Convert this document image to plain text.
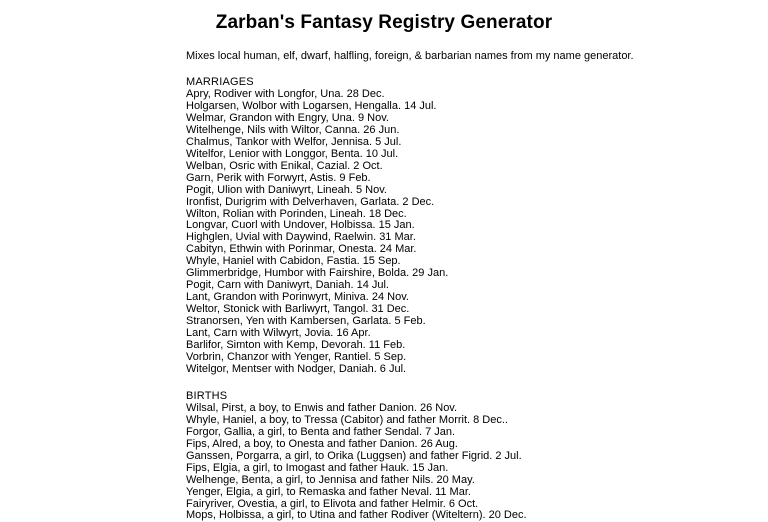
Zarban's Fantasy Registry Generator

Mixes local human, elf, dwarf, halfling, foreign, & barbarian names from my name generator.

MARRIAGES

Apry, Rodiver with Longfor, Una. 28 Dec.

Holgarsen, Wolbor with Logarsen, Hengalla. 14 Jul.

Welmar, Grandon with Engry, Una. 9 Nov.

Witelhenge, Nils with Wiltor, Canna. 26 Jun.

Chalmus, Tankor with Welfor, Jennisa. 5 Jul.

Witelfor, Lenior with Longgor, Benta. 10 Jul.

Welban, Osric with Enikal, Cazial. 2 Oct.

Garn, Perik with Forwyrt, Astis. 9 Feb.

Pogit, Ulion with Daniwyrt, Lineah. 5 Nov.

Ironfist, Durigrim with Delverhaven, Garlata. 2 Dec.

Wilton, Rolian with Porinden, Lineah. 18 Dec.

Longvar, Cuorl with Undover, Holbissa. 15 Jan.

Highglen, Uvial with Daywind, Raelwin. 31 Mar.

Cabityn, Ethwin with Porinmar, Onesta. 24 Mar.

Whyle, Haniel with Cabidon, Fastia. 15 Sep.

Glimmerbridge, Humbor with Fairshire, Bolda. 29 Jan.

Pogit, Carn with Daniwyrt, Daniah. 14 Jul.

Lant, Grandon with Porinwyrt, Miniva. 24 Nov.

Weltor, Stonick with Barliwyrt, Tangol. 31 Dec.

Stranorsen, Yen with Kambersen, Garlata. 5 Feb.

Lant, Carn with Wilwyrt, Jovia. 16 Apr.

Barlifor, Simton with Kemp, Devorah. 11 Feb.

Vorbrin, Chanzor with Yenger, Rantiel. 5 Sep.

Witelgor, Mentser with Nodger, Daniah. 6 Jul.

BIRTHS

Wilsal, Pirst, a boy, to Enwis and father Danion. 26 Nov.

Whyle, Haniel, a boy, to Tressa (Cabitor) and father Morrit. 8 Dec..

Forgor, Gallia, a girl, to Benta and father Sendal. 7 Jan.

Fips, Alred, a boy, to Onesta and father Danion. 26 Aug.

Ganssen, Porgarra, a girl, to Orika (Luggsen) and father Figrid. 2 Jul.

Fips, Elgia, a girl, to Imogast and father Hauk. 15 Jan.

Welhenge, Benta, a girl, to Jennisa and father Nils. 20 May.

Yenger, Elgia, a girl, to Remaska and father Neval. 11 Mar.

Fairyriver, Ovestia, a girl, to Elivota and father Helmir. 6 Oct.

Mops, Holbissa, a girl, to Utina and father Rodiver (Witeltern). 20 Dec.
